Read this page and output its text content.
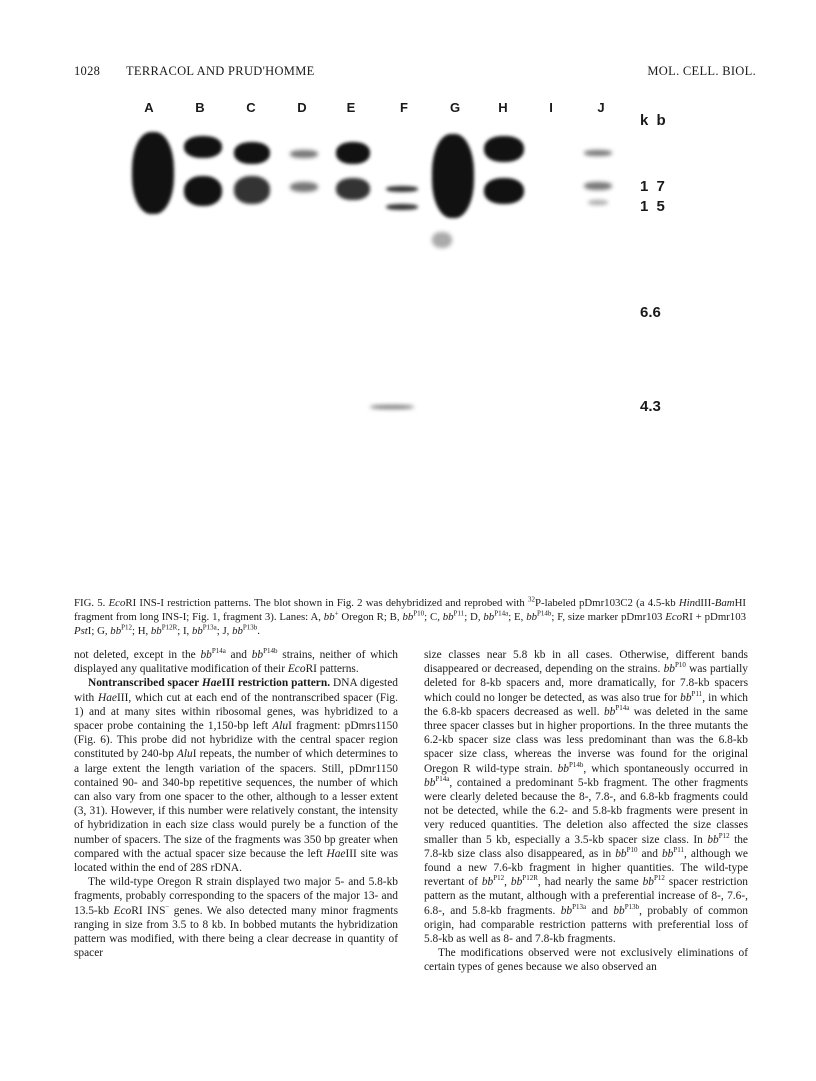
1028 TERRACOL AND PRUD'HOMME	MOL. CELL. BIOL.
A	B	C	D	E	F	G	H	I	J
k b
1 7
1 5
6.6
4.3
FIG. 5. EcoRI INS-I restriction patterns. The blot shown in Fig. 2 was dehybridized and reprobed with $^{32}$P-labeled pDmr103C2 (a 4.5-kb HindIII-BamHI fragment from long INS-I; Fig. 1, fragment 3). Lanes: A, bb+ Oregon R; B, $bb^{P10}$; C, $bb^{P11}$; D, $bb^{P14a}$; E, $bb^{P14b}$; F, size marker pDmr103 EcoRI + pDmr103 PstI; G, $bb^{P12}$; H, $bb^{P12R}$; I, $bb^{P13a}$; J, $bb^{P13b}$.

not deleted, except in the $bb^{P14a}$ and $bb^{P14b}$ strains, neither of which displayed any qualitative modification of their EcoRI patterns.

Nontranscribed spacer HaeIII restriction pattern. DNA digested with HaeIII, which cut at each end of the nontranscribed spacer (Fig. 1) and at many sites within ribosomal genes, was hybridized to a spacer probe containing the 1,150-bp left AluI fragment: pDmrs1150 (Fig. 6). This probe did not hybridize with the central spacer region constituted by 240-bp AluI repeats, the number of which determines to a large extent the length variation of the spacers. Still, pDmr1150 contained 90- and 340-bp repetitive sequences, the number of which can also vary from one spacer to the other, although to a lesser extent (3, 31). However, if this number were relatively constant, the intensity of hybridization in each size class would purely be a function of the number of spacers. The size of the fragments was 350 bp greater when compared with the actual spacer size because the left HaeIII site was located within the end of 28S rDNA.

The wild-type Oregon R strain displayed two major 5- and 5.8-kb fragments, probably corresponding to the spacers of the major 13- and 13.5-kb EcoRI INS− genes. We also detected many minor fragments ranging in size from 3.5 to 8 kb. In bobbed mutants the hybridization pattern was modified, with there being a clear decrease in quantity of spacer

size classes near 5.8 kb in all cases. Otherwise, different bands disappeared or decreased, depending on the strains. $bb^{P10}$ was partially deleted for 8-kb spacers and, more dramatically, for 7.8-kb spacers which could no longer be detected, as was also true for $bb^{P11}$, in which the 6.8-kb spacers decreased as well. $bb^{P14a}$ was deleted in the same three spacer classes but in higher proportions. In the three mutants the 6.2-kb spacer size class was less predominant than was the 6.8-kb spacer size class, whereas the inverse was found for the original Oregon R wild-type strain. $bb^{P14b}$, which spontaneously occurred in $bb^{P14a}$, contained a predominant 5-kb fragment. The other fragments were clearly deleted because the 8-, 7.8-, and 6.8-kb fragments could not be detected, while the 6.2- and 5.8-kb fragments were present in very reduced quantities. The deletion also affected the size classes smaller than 5 kb, especially a 3.5-kb spacer size class. In $bb^{P12}$ the 7.8-kb size class also disappeared, as in $bb^{P10}$ and $bb^{P11}$, although we found a new 7.6-kb fragment in higher quantities. The wild-type revertant of $bb^{P12}$, $bb^{P12R}$, had nearly the same $bb^{P12}$ spacer restriction pattern as the mutant, although with a preferential increase of 8-, 7.6-, 6.8-, and 5.8-kb fragments. $bb^{P13a}$ and $bb^{P13b}$, probably of common origin, had comparable restriction patterns with preferential loss of 5.8-kb as well as 8- and 7.8-kb fragments.

The modifications observed were not exclusively eliminations of certain types of genes because we also observed an
